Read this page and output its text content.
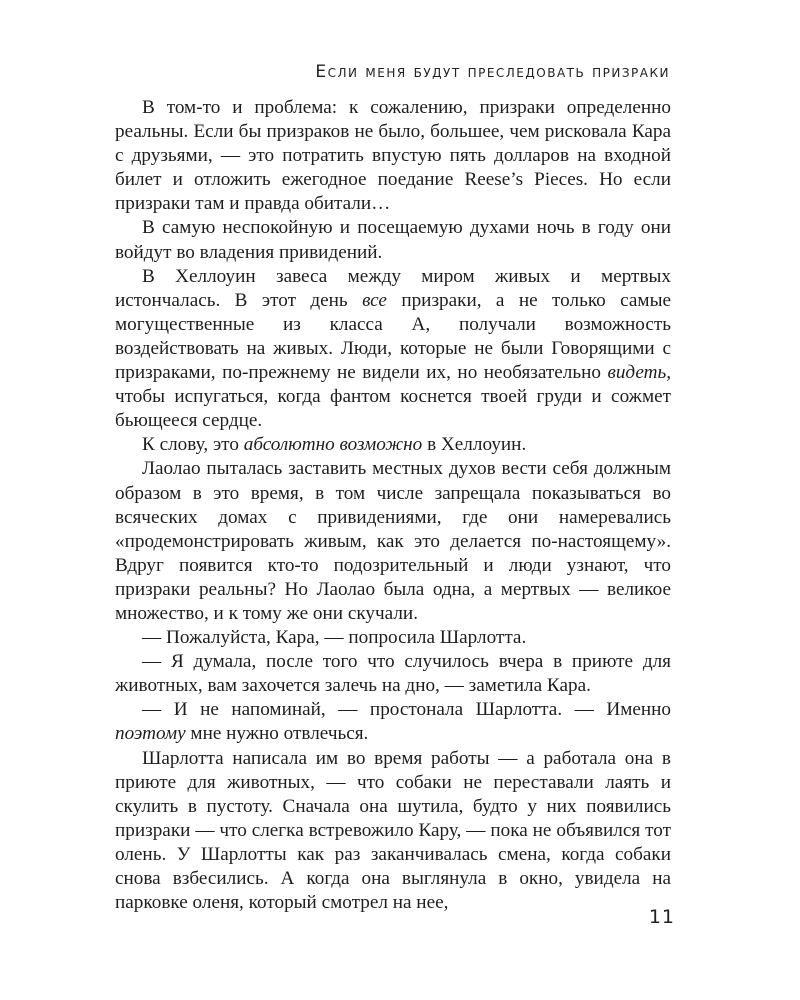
Если меня будут преследовать призраки

В том-то и проблема: к сожалению, призраки определенно реальны. Если бы призраков не было, большее, чем рисковала Кара с друзьями, — это потратить впустую пять долларов на входной билет и отложить ежегодное поедание Reese’s Pieces. Но если призраки там и правда обитали…

В самую неспокойную и посещаемую духами ночь в году они войдут во владения привидений.

В Хеллоуин завеса между миром живых и мертвых истончалась. В этот день все призраки, а не только самые могущественные из класса А, получали возможность воздействовать на живых. Люди, которые не были Говорящими с призраками, по-прежнему не видели их, но необязательно видеть, чтобы испугаться, когда фантом коснется твоей груди и сожмет бьющееся сердце.

К слову, это абсолютно возможно в Хеллоуин.

Лаолао пыталась заставить местных духов вести себя должным образом в это время, в том числе запрещала показываться во всяческих домах с привидениями, где они намеревались «продемонстрировать живым, как это делается по-настоящему». Вдруг появится кто-то подозрительный и люди узнают, что призраки реальны? Но Лаолао была одна, а мертвых — великое множество, и к тому же они скучали.

— Пожалуйста, Кара, — попросила Шарлотта.

— Я думала, после того что случилось вчера в приюте для животных, вам захочется залечь на дно, — заметила Кара.

— И не напоминай, — простонала Шарлотта. — Именно поэтому мне нужно отвлечься.

Шарлотта написала им во время работы — а работала она в приюте для животных, — что собаки не переставали лаять и скулить в пустоту. Сначала она шутила, будто у них появились призраки — что слегка встревожило Кару, — пока не объявился тот олень. У Шарлотты как раз заканчивалась смена, когда собаки снова взбесились. А когда она выглянула в окно, увидела на парковке оленя, который смотрел на нее,

11
